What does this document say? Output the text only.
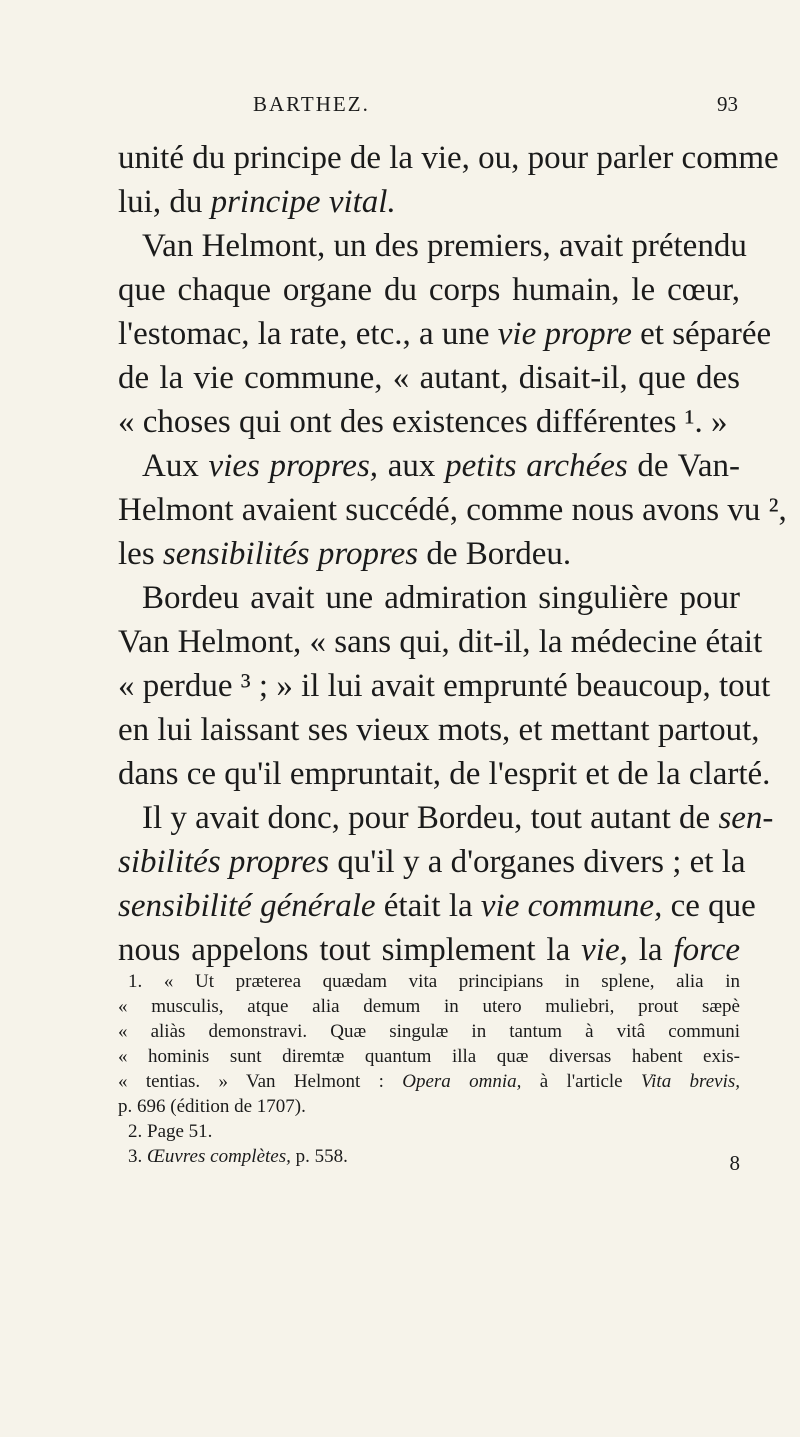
BARTHEZ.	93
unité du principe de la vie, ou, pour parler comme
lui, du principe vital.
Van Helmont, un des premiers, avait prétendu
que chaque organe du corps humain, le cœur,
l'estomac, la rate, etc., a une vie propre et séparée
de la vie commune, « autant, disait-il, que des
« choses qui ont des existences différentes ¹. »
Aux vies propres, aux petits archées de Van-
Helmont avaient succédé, comme nous avons vu ²,
les sensibilités propres de Bordeu.
Bordeu avait une admiration singulière pour
Van Helmont, « sans qui, dit-il, la médecine était
« perdue ³ ; » il lui avait emprunté beaucoup, tout
en lui laissant ses vieux mots, et mettant partout,
dans ce qu'il empruntait, de l'esprit et de la clarté.
Il y avait donc, pour Bordeu, tout autant de sen-
sibilités propres qu'il y a d'organes divers ; et la
sensibilité générale était la vie commune, ce que
nous appelons tout simplement la vie, la force
1. « Ut præterea quædam vita principians in splene, alia in
« musculis, atque alia demum in utero muliebri, prout sæpè
« aliàs demonstravi. Quæ singulæ in tantum à vitâ communi
« hominis sunt diremtæ quantum illa quæ diversas habent exis-
« tentias. » Van Helmont : Opera omnia, à l'article Vita brevis,
p. 696 (édition de 1707).
2. Page 51.
3. Œuvres complètes, p. 558.	8
